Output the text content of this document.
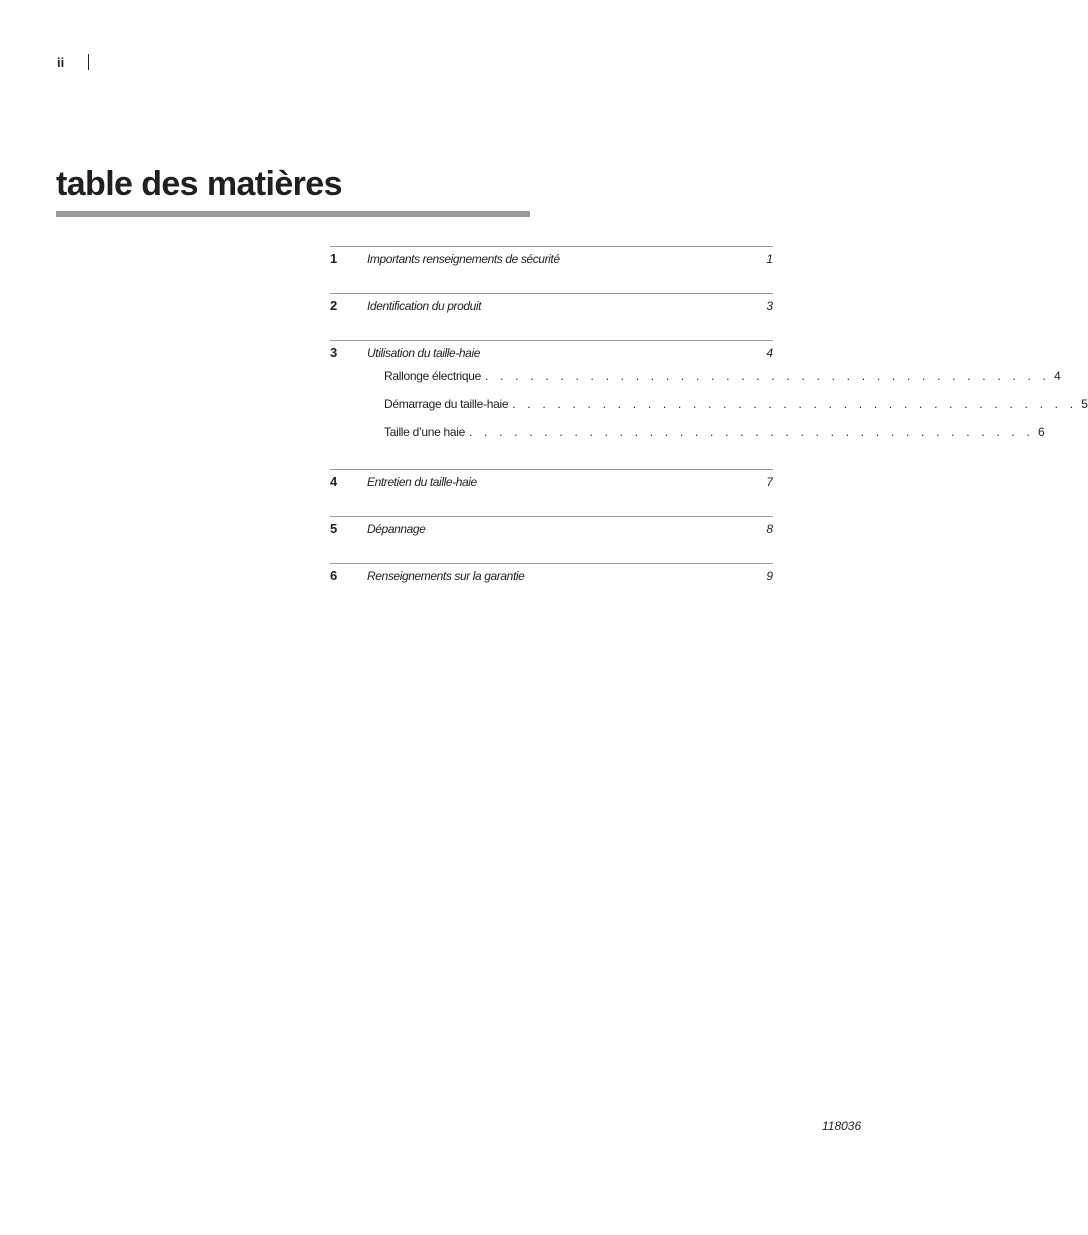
ii
table des matières
1	Importants renseignements de sécurité	1
2	Identification du produit	3
3	Utilisation du taille-haie	4
Rallonge électrique . . . . . . . . . . . . . . . . . . . . . . . . . . . . . . . . . . . . . . 4
Démarrage du taille-haie . . . . . . . . . . . . . . . . . . . . . . . . . . . . . . . . . . . . . . 5
Taille d’une haie . . . . . . . . . . . . . . . . . . . . . . . . . . . . . . . . . . . . . . 6
4	Entretien du taille-haie	7
5	Dépannage	8
6	Renseignements sur la garantie	9
118036
